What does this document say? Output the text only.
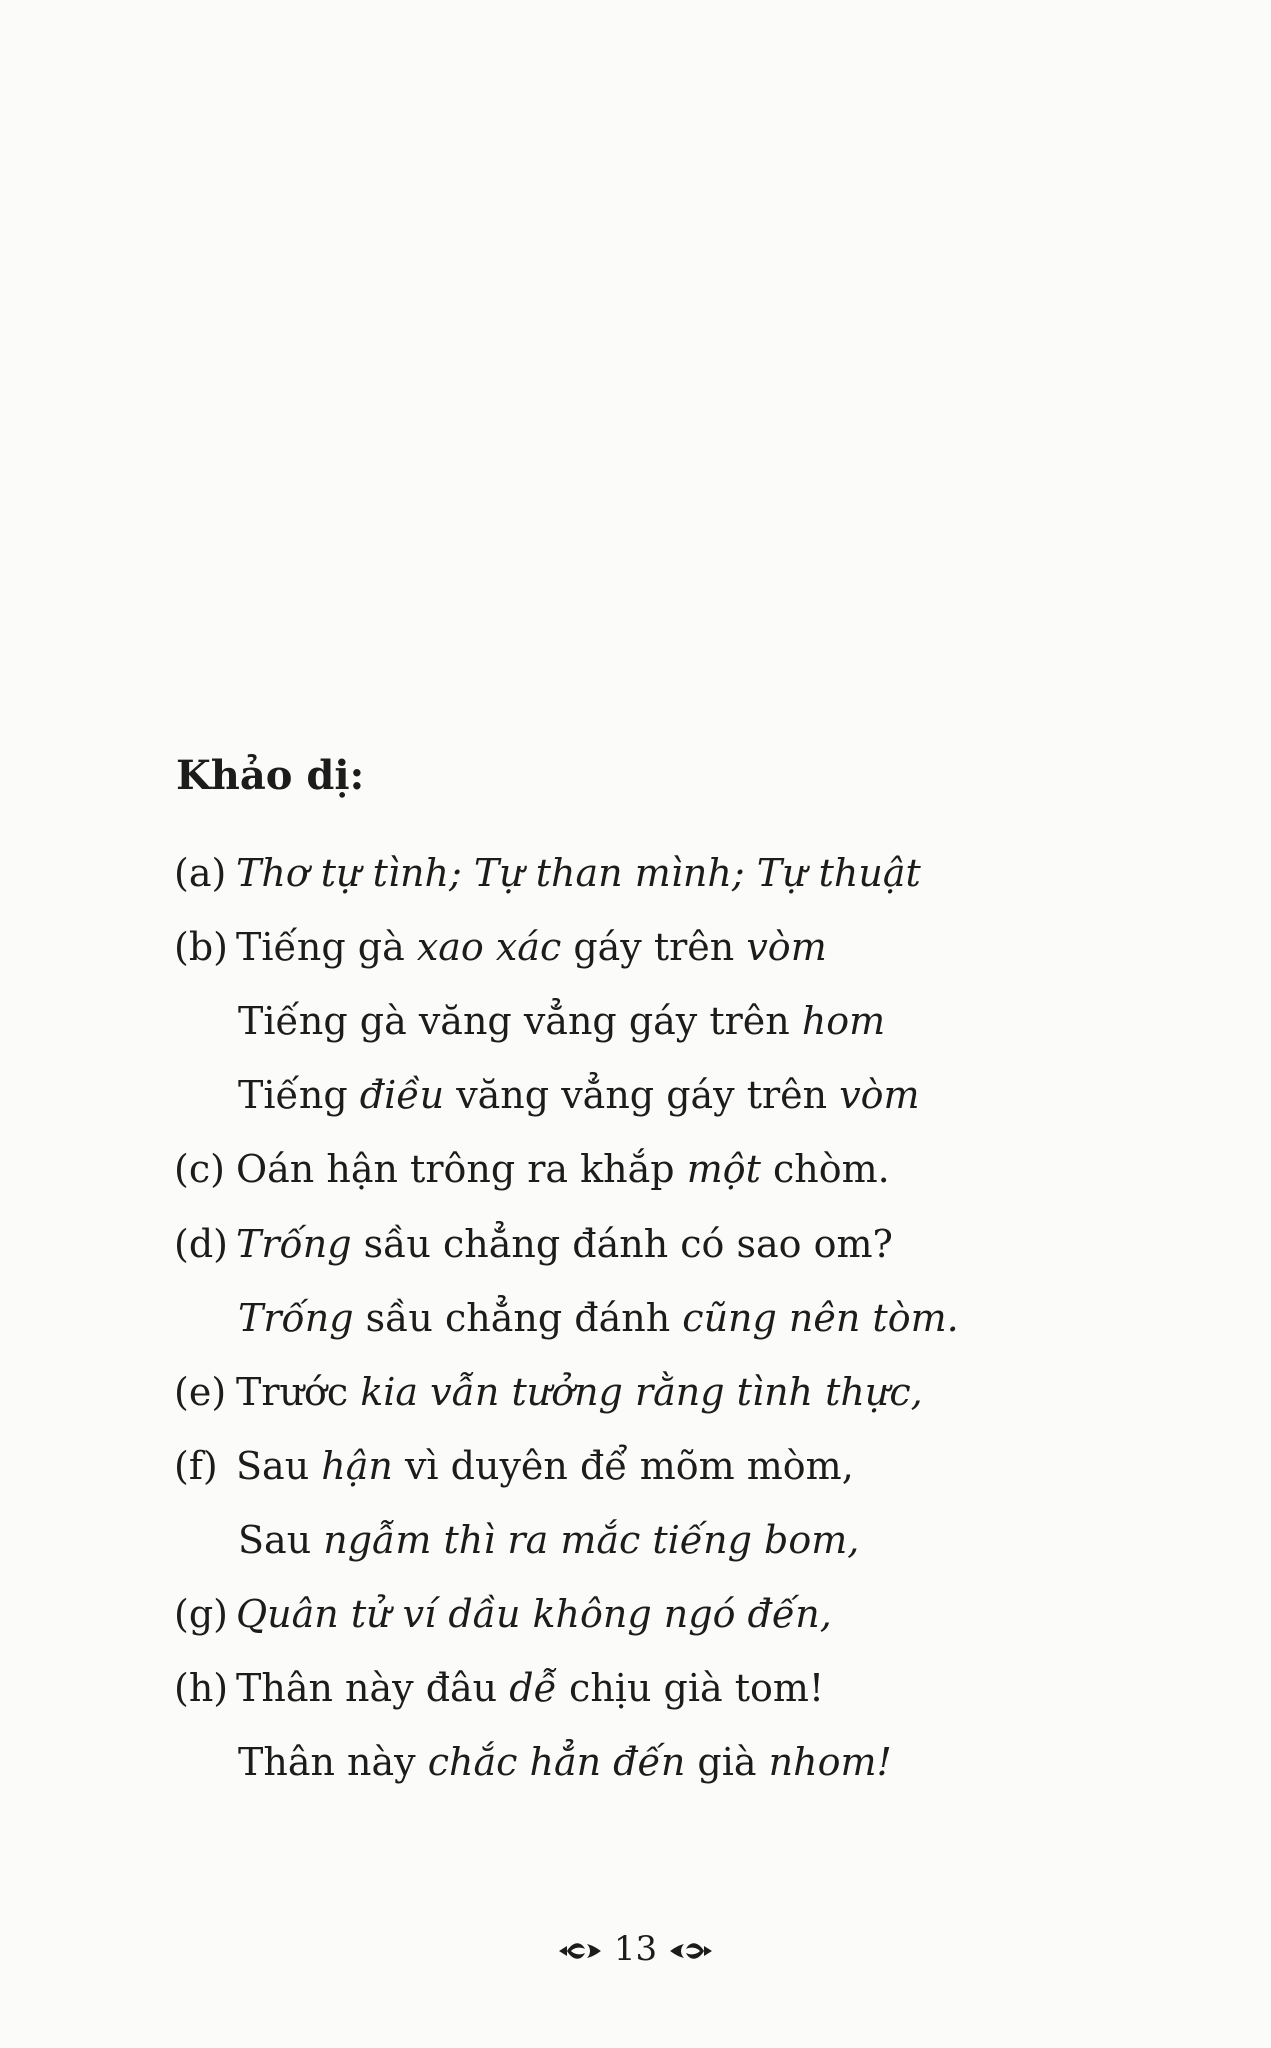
Khảo dị:

(a) Thơ tự tình; Tự than mình; Tự thuật

(b) Tiếng gà xao xác gáy trên vòm

Tiếng gà văng vẳng gáy trên hom

Tiếng điều văng vẳng gáy trên vòm

(c) Oán hận trông ra khắp một chòm.

(d) Trống sầu chẳng đánh có sao om?

Trống sầu chẳng đánh cũng nên tòm.

(e) Trước kia vẫn tưởng rằng tình thực,

(f) Sau hận vì duyên để mõm mòm,

Sau ngẫm thì ra mắc tiếng bom,

(g) Quân tử ví dầu không ngó đến,

(h) Thân này đâu dễ chịu già tom!

Thân này chắc hẳn đến già nhom!

13
